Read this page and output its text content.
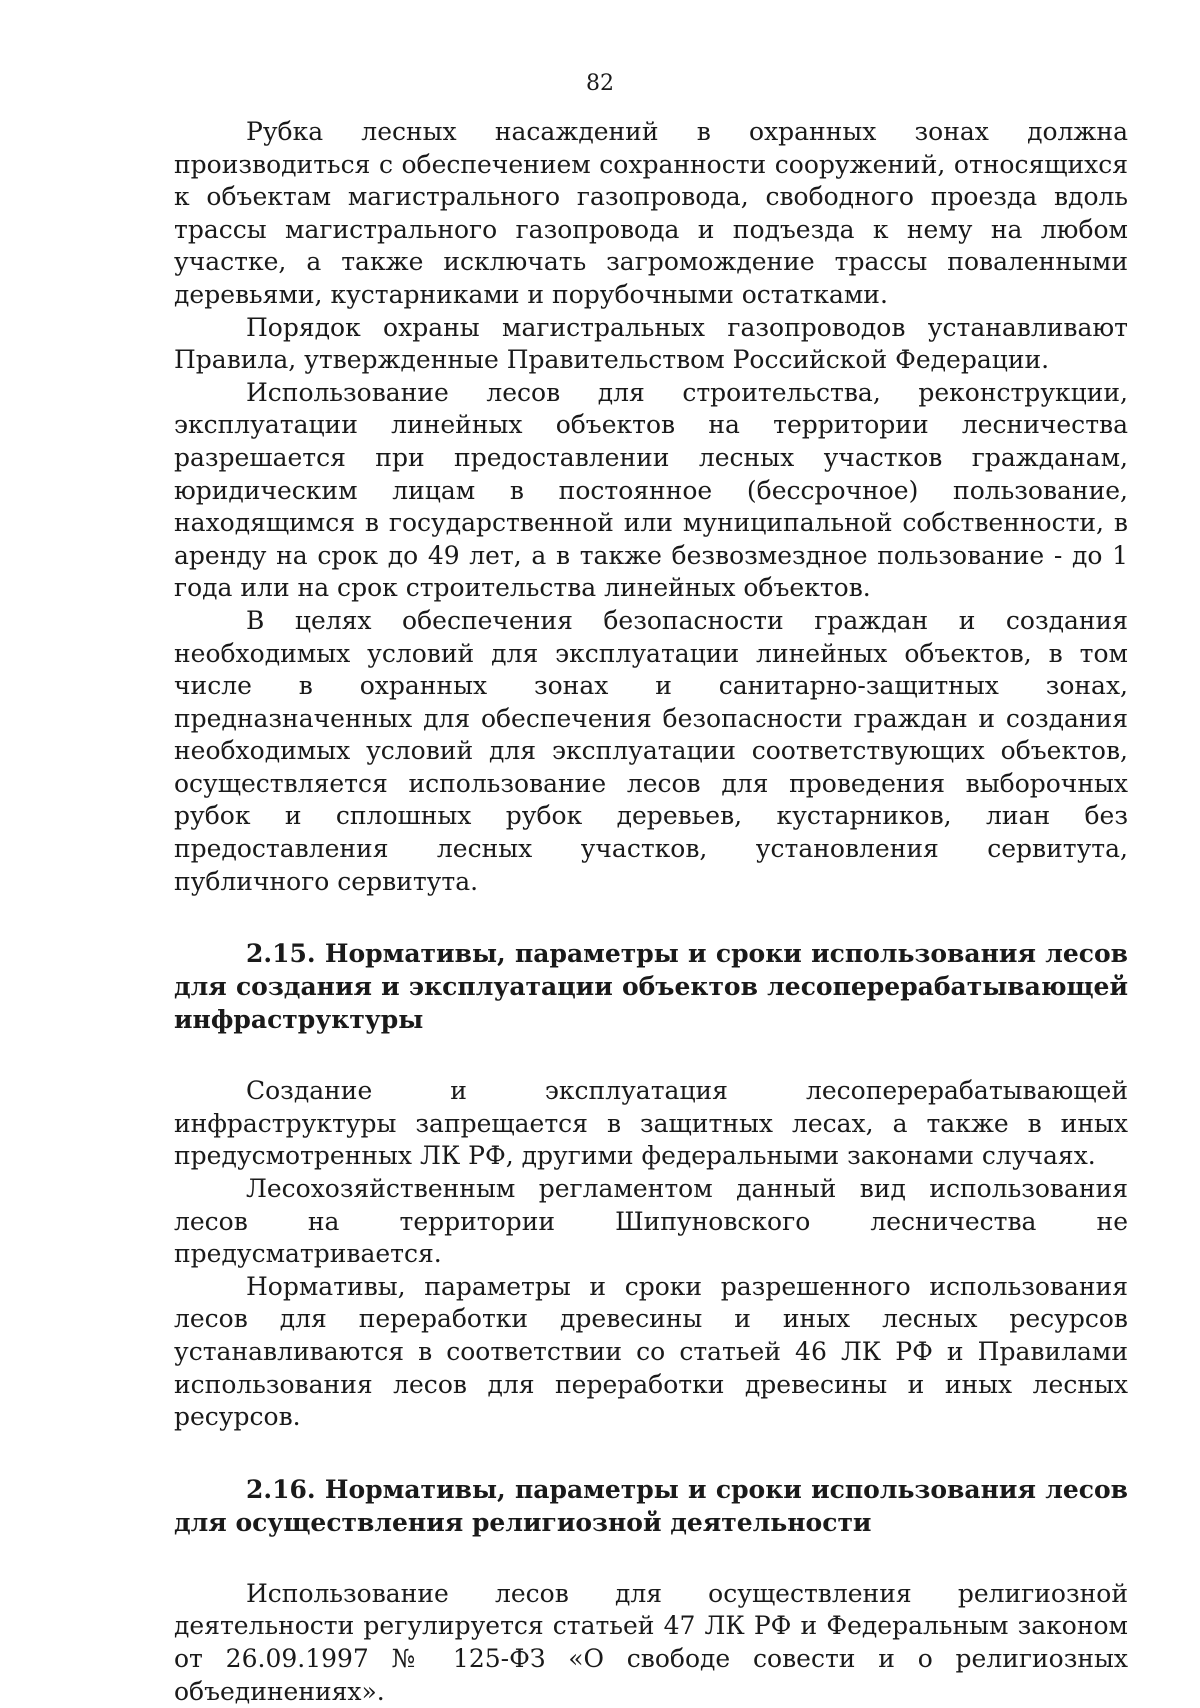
82

Рубка лесных насаждений в охранных зонах должна производиться с обеспечением сохранности сооружений, относящихся к объектам магистрального газопровода, свободного проезда вдоль трассы магистрального газопровода и подъезда к нему на любом участке, а также исключать загромождение трассы поваленными деревьями, кустарниками и порубочными остатками.

Порядок охраны магистральных газопроводов устанавливают Правила, утвержденные Правительством Российской Федерации.

Использование лесов для строительства, реконструкции, эксплуатации линейных объектов на территории лесничества разрешается при предоставлении лесных участков гражданам, юридическим лицам в постоянное (бессрочное) пользование, находящимся в государственной или муниципальной собственности, в аренду на срок до 49 лет, а в также безвозмездное пользование - до 1 года или на срок строительства линейных объектов.

В целях обеспечения безопасности граждан и создания необходимых условий для эксплуатации линейных объектов, в том числе в охранных зонах и санитарно-защитных зонах, предназначенных для обеспечения безопасности граждан и создания необходимых условий для эксплуатации соответствующих объектов, осуществляется использование лесов для проведения выборочных рубок и сплошных рубок деревьев, кустарников, лиан без предоставления лесных участков, установления сервитута, публичного сервитута.

2.15. Нормативы, параметры и сроки использования лесов для создания и эксплуатации объектов лесоперерабатывающей инфраструктуры

Создание и эксплуатация лесоперерабатывающей инфраструктуры запрещается в защитных лесах, а также в иных предусмотренных ЛК РФ, другими федеральными законами случаях.

Лесохозяйственным регламентом данный вид использования лесов на территории Шипуновского лесничества не предусматривается.

Нормативы, параметры и сроки разрешенного использования лесов для переработки древесины и иных лесных ресурсов устанавливаются в соответствии со статьей 46 ЛК РФ и Правилами использования лесов для переработки древесины и иных лесных ресурсов.

2.16. Нормативы, параметры и сроки использования лесов для осуществления религиозной деятельности

Использование лесов для осуществления религиозной деятельности регулируется статьей 47 ЛК РФ и Федеральным законом от 26.09.1997 № 125-ФЗ «О свободе совести и о религиозных объединениях».
